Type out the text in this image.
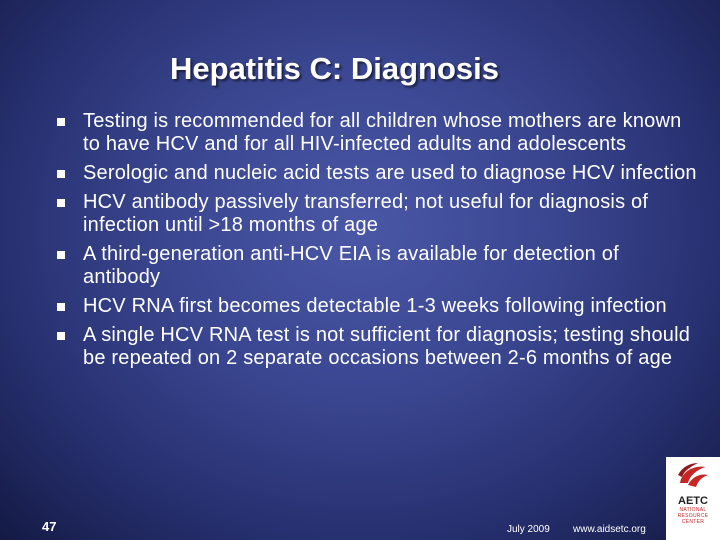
Hepatitis C: Diagnosis
Testing is recommended for all children whose mothers are known to have HCV and for all HIV-infected adults and adolescents
Serologic and nucleic acid tests are used to diagnose HCV infection
HCV antibody passively transferred; not useful for diagnosis of infection until >18 months of age
A third-generation anti-HCV EIA is available for detection of antibody
HCV RNA first becomes detectable 1-3 weeks following infection
A single HCV RNA test is not sufficient for diagnosis; testing should be repeated on 2 separate occasions between 2-6 months of age
47	July 2009 www.aidsetc.org
AETC
NATIONAL
RESOURCE
CENTER
